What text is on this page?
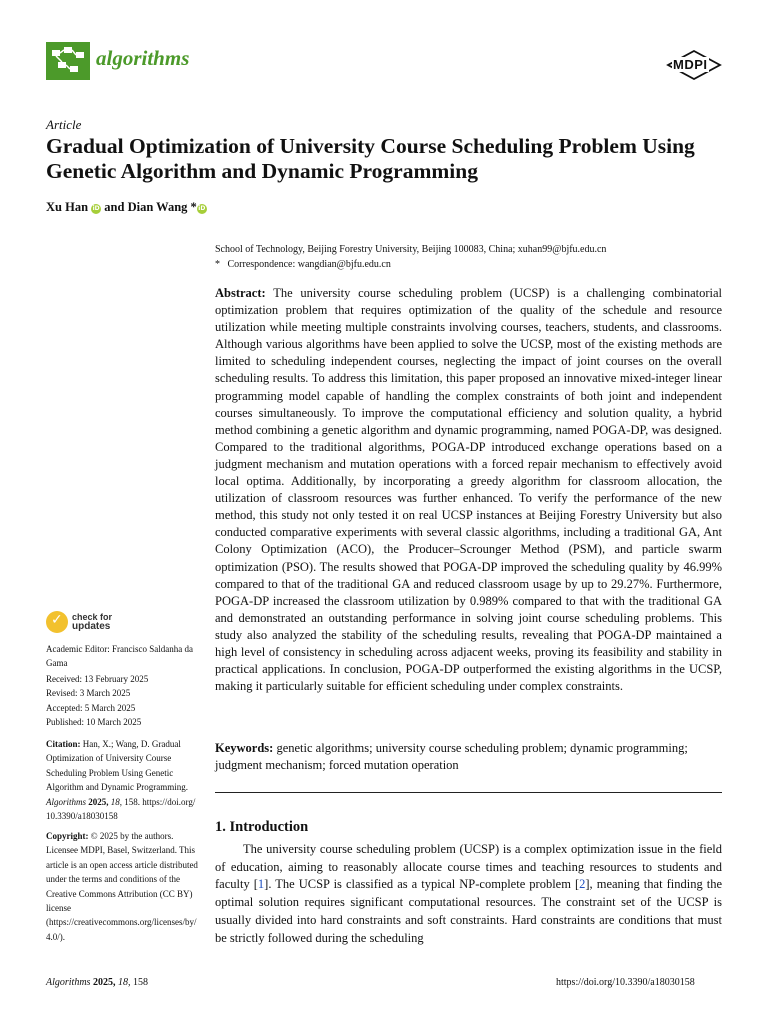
algorithms	MDPI
Article
Gradual Optimization of University Course Scheduling Problem Using Genetic Algorithm and Dynamic Programming
Xu Han iD and Dian Wang *iD
School of Technology, Beijing Forestry University, Beijing 100083, China; xuhan99@bjfu.edu.cn
* Correspondence: wangdian@bjfu.edu.cn
Abstract: The university course scheduling problem (UCSP) is a challenging combinatorial optimization problem that requires optimization of the quality of the schedule and resource utilization while meeting multiple constraints involving courses, teachers, students, and classrooms. Although various algorithms have been applied to solve the UCSP, most of the existing methods are limited to scheduling independent courses, neglecting the impact of joint courses on the overall scheduling results. To address this limitation, this paper proposed an innovative mixed-integer linear programming model capable of handling the complex constraints of both joint and independent courses simultaneously. To improve the computational efficiency and solution quality, a hybrid method combining a genetic algorithm and dynamic programming, named POGA-DP, was designed. Compared to the traditional algorithms, POGA-DP introduced exchange operations based on a judgment mechanism and mutation operations with a forced repair mechanism to effectively avoid local optima. Additionally, by incorporating a greedy algorithm for classroom allocation, the utilization of classroom resources was further enhanced. To verify the performance of the new method, this study not only tested it on real UCSP instances at Beijing Forestry University but also conducted comparative experiments with several classic algorithms, including a traditional GA, Ant Colony Optimization (ACO), the Producer–Scrounger Method (PSM), and particle swarm optimization (PSO). The results showed that POGA-DP improved the scheduling quality by 46.99% compared to that of the traditional GA and reduced classroom usage by up to 29.27%. Furthermore, POGA-DP increased the classroom utilization by 0.989% compared to that with the traditional GA and demonstrated an outstanding performance in solving joint course scheduling problems. This study also analyzed the stability of the scheduling results, revealing that POGA-DP maintained a high level of consistency in scheduling across adjacent weeks, proving its feasibility and stability in practical applications. In conclusion, POGA-DP outperformed the existing algorithms in the UCSP, making it particularly suitable for efficient scheduling under complex constraints.
Keywords: genetic algorithms; university course scheduling problem; dynamic programming; judgment mechanism; forced mutation operation
1. Introduction
The university course scheduling problem (UCSP) is a complex optimization issue in the field of education, aiming to reasonably allocate course times and teaching resources to students and faculty [1]. The UCSP is classified as a typical NP-complete problem [2], meaning that finding the optimal solution requires significant computational resources. The constraint set of the UCSP is usually divided into hard constraints and soft constraints. Hard constraints are conditions that must be strictly followed during the scheduling
✓ check for
updates
Academic Editor: Francisco Saldanha da Gama
Received: 13 February 2025
Revised: 3 March 2025
Accepted: 5 March 2025
Published: 10 March 2025
Citation: Han, X.; Wang, D. Gradual Optimization of University Course Scheduling Problem Using Genetic Algorithm and Dynamic Programming. Algorithms 2025, 18, 158. https://doi.org/10.3390/a18030158
Copyright: © 2025 by the authors. Licensee MDPI, Basel, Switzerland. This article is an open access article distributed under the terms and conditions of the Creative Commons Attribution (CC BY) license (https://creativecommons.org/licenses/by/4.0/).
Algorithms 2025, 18, 158	https://doi.org/10.3390/a18030158
